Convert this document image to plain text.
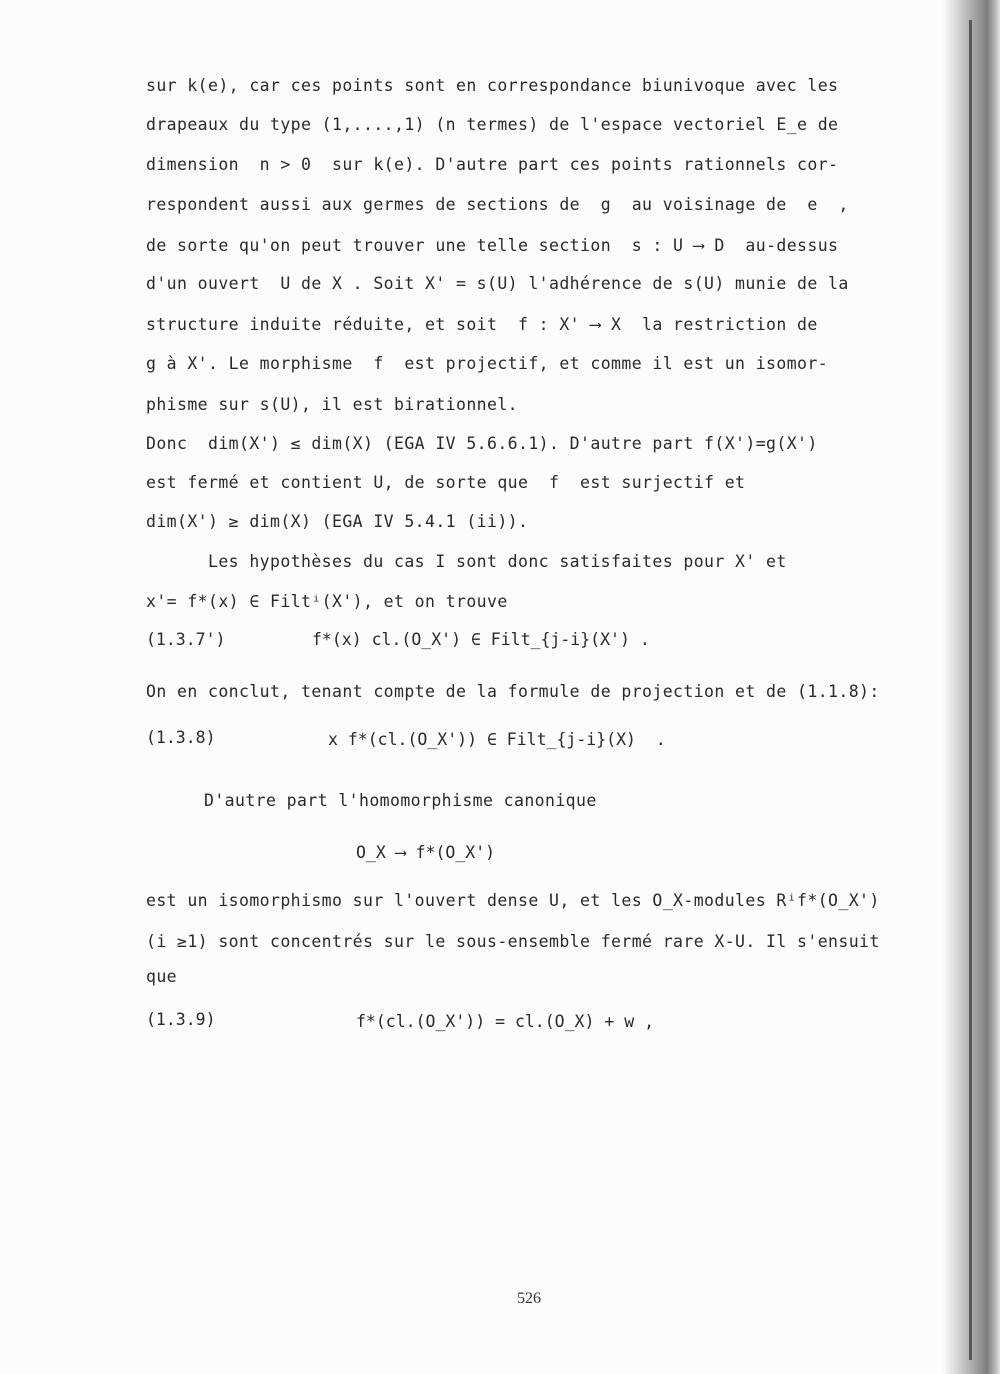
sur k(e), car ces points sont en correspondance biunivoque avec les
drapeaux du type (1,....,1) (n termes) de l'espace vectoriel E_e de
dimension  n > 0  sur k(e). D'autre part ces points rationnels cor-
respondent aussi aux germes de sections de  g  au voisinage de  e  ,
de sorte qu'on peut trouver une telle section  s : U ⟶ D  au-dessus
d'un ouvert  U de X . Soit X' = s(U) l'adhérence de s(U) munie de la
structure induite réduite, et soit  f : X' ⟶ X  la restriction de
g à X'. Le morphisme  f  est projectif, et comme il est un isomor-
phisme sur s(U), il est birationnel.
Donc  dim(X') ≤ dim(X) (EGA IV 5.6.6.1). D'autre part f(X')=g(X')
est fermé et contient U, de sorte que  f  est surjectif et
dim(X') ≥ dim(X) (EGA IV 5.4.1 (ii)).
Les hypothèses du cas I sont donc satisfaites pour X' et
x'= f*(x) ∈ Filtⁱ(X'), et on trouve
(1.3.7')	f*(x) cl.(O_X') ∈ Filt_{j-i}(X') .
On en conclut, tenant compte de la formule de projection et de (1.1.8):
(1.3.8)	x f*(cl.(O_X')) ∈ Filt_{j-i}(X)  .
D'autre part l'homomorphisme canonique
O_X ⟶ f*(O_X')
est un isomorphismo sur l'ouvert dense U, et les O_X-modules Rⁱf*(O_X')
(i ≥1) sont concentrés sur le sous-ensemble fermé rare X-U. Il s'ensuit
que
(1.3.9)	f*(cl.(O_X')) = cl.(O_X) + w ,
526
